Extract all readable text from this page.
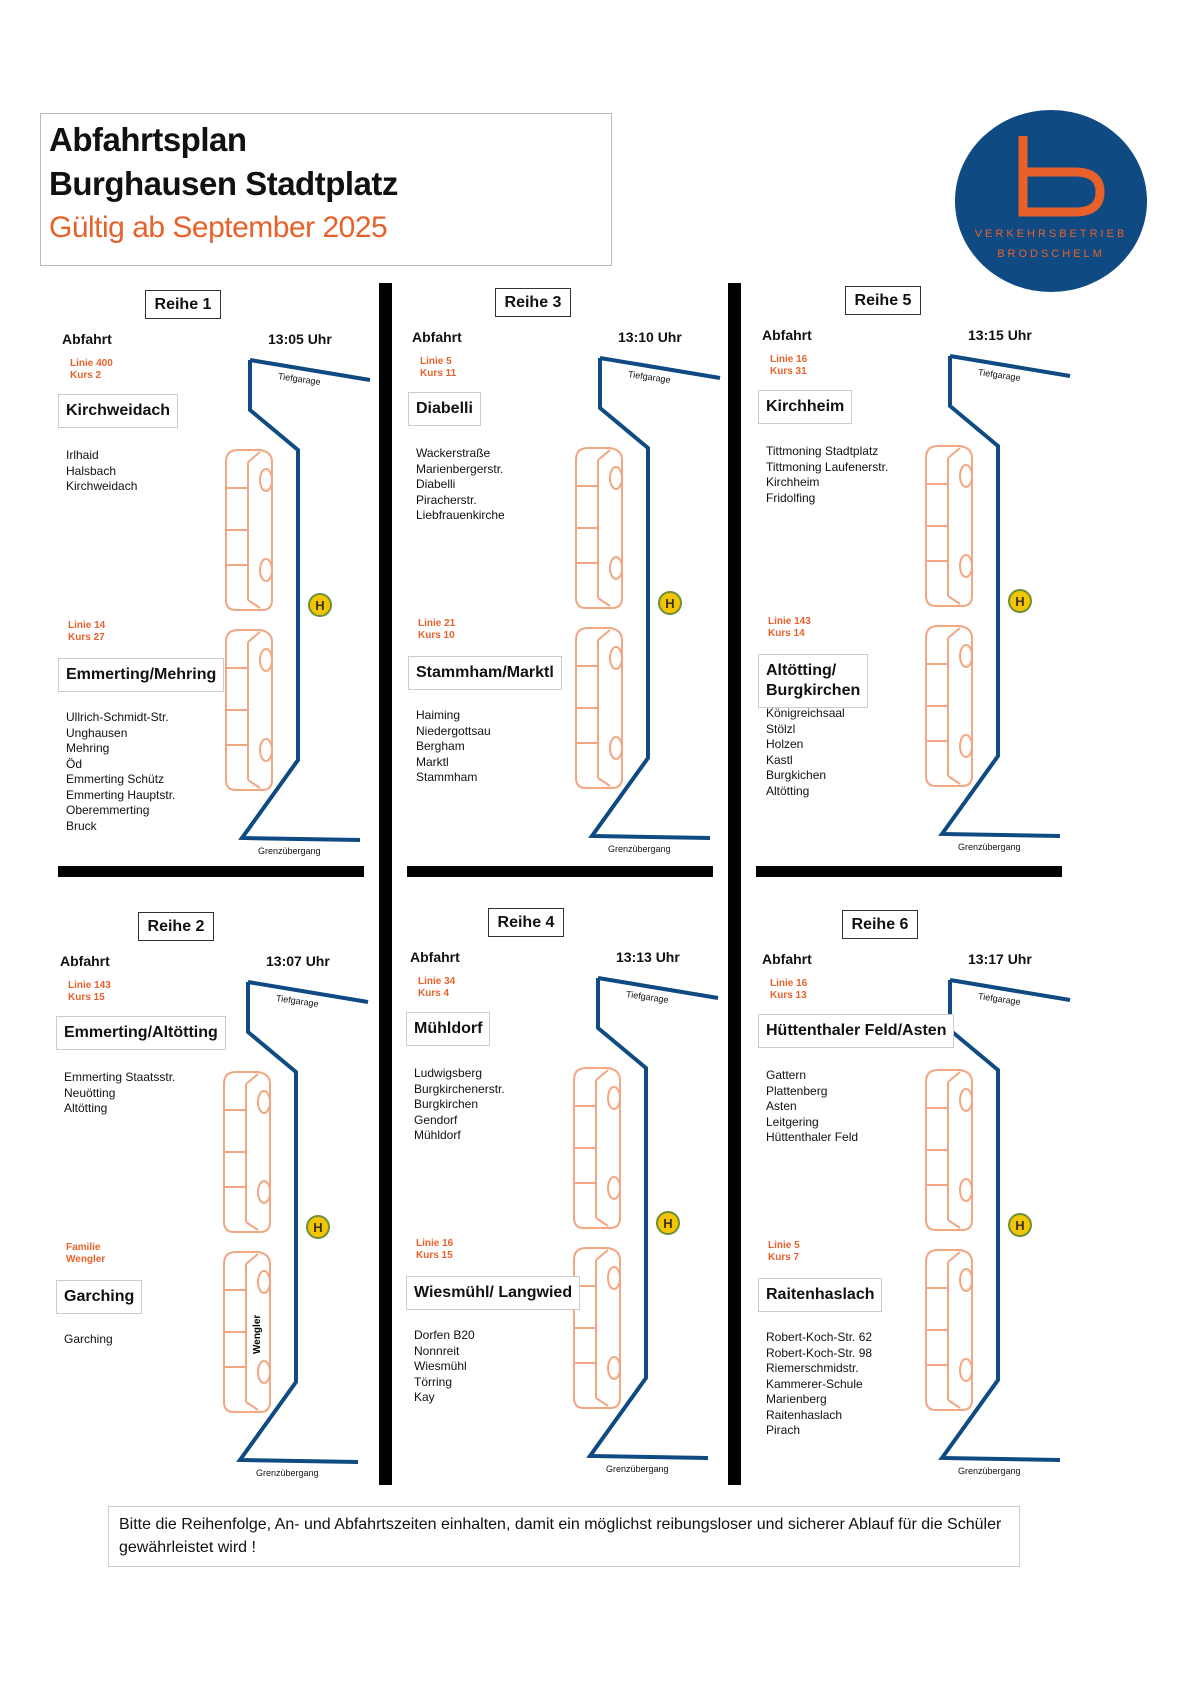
Abfahrtsplan
Burghausen Stadtplatz
Gültig ab September 2025	VERKEHRSBETRIEB
BRODSCHELM
H
Reihe 1
Abfahrt	13:05 Uhr
Linie 400
Kurs 2
Kirchweidach
Irlhaid
Halsbach
Kirchweidach
Linie 14
Kurs 27
Emmerting/Mehring
Ullrich-Schmidt-Str.
Unghausen
Mehring
Öd
Emmerting Schütz
Emmerting Hauptstr.
Oberemmerting
Bruck
Tiefgarage
Grenzübergang
H
Reihe 3
Abfahrt	13:10 Uhr
Linie 5
Kurs 11
Diabelli
Wackerstraße
Marienbergerstr.
Diabelli
Piracherstr.
Liebfrauenkirche
Linie 21
Kurs 10
Stammham/Marktl
Haiming
Niedergottsau
Bergham
Marktl
Stammham
Tiefgarage
Grenzübergang
H
Reihe 5
Abfahrt	13:15 Uhr
Linie 16
Kurs 31
Kirchheim
Tittmoning Stadtplatz
Tittmoning Laufenerstr.
Kirchheim
Fridolfing
Linie 143
Kurs 14
Altötting/
Burgkirchen
Königreichsaal
Stölzl
Holzen
Kastl
Burgkichen
Altötting
Tiefgarage
Grenzübergang
H
Wengler
Reihe 2
Abfahrt	13:07 Uhr
Linie 143
Kurs 15
Emmerting/Altötting
Emmerting Staatsstr.
Neuötting
Altötting
Familie
Wengler
Garching
Garching
Tiefgarage
Grenzübergang
H
Reihe 4
Abfahrt	13:13 Uhr
Linie 34
Kurs 4
Mühldorf
Ludwigsberg
Burgkirchenerstr.
Burgkirchen
Gendorf
Mühldorf
Linie 16
Kurs 15
Wiesmühl/ Langwied
Dorfen B20
Nonnreit
Wiesmühl
Törring
Kay
Tiefgarage
Grenzübergang
H
Reihe 6
Abfahrt	13:17 Uhr
Linie 16
Kurs 13
Hüttenthaler Feld/Asten
Gattern
Plattenberg
Asten
Leitgering
Hüttenthaler Feld
Linie 5
Kurs 7
Raitenhaslach
Robert-Koch-Str. 62
Robert-Koch-Str. 98
Riemerschmidstr.
Kammerer-Schule
Marienberg
Raitenhaslach
Pirach
Tiefgarage
Grenzübergang
Bitte die Reihenfolge, An- und Abfahrtszeiten einhalten, damit ein möglichst reibungsloser und sicherer Ablauf für die Schüler gewährleistet wird !
